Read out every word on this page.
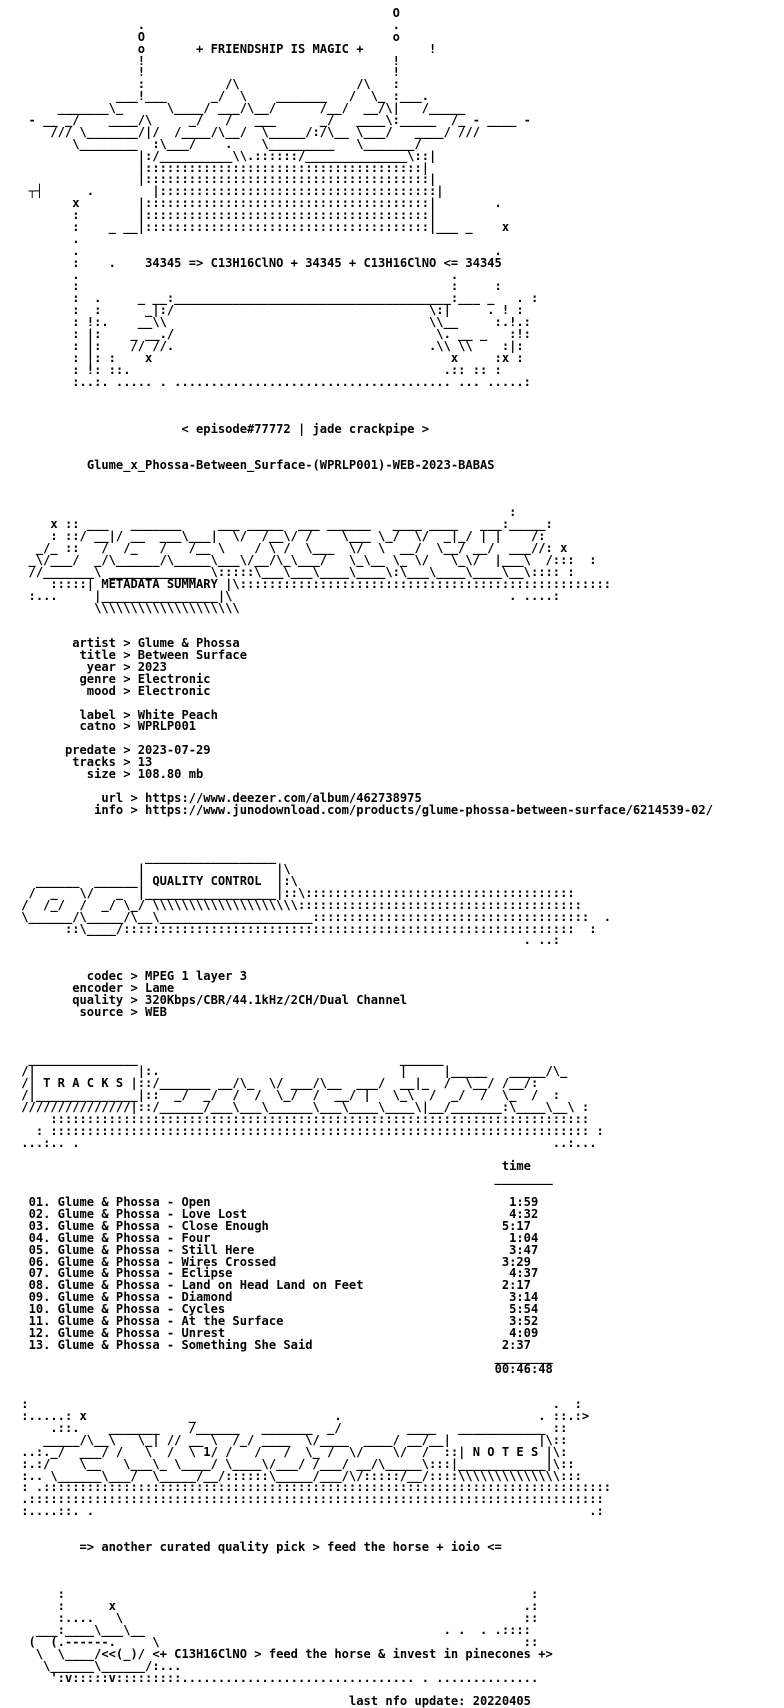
O
.                                  .
O                                  o
o       + FRIENDSHIP IS MAGIC +         !
!                                  !
!                                  !
:           /\                /\   :
___!___      _/  \    _______   /  \_ :___.
_______\_      \____/ ___/\__/      /__/  __/\|   /_____
- __ _/    ____/\     _/   /   ___      _/   ____\:_____  /_ - ____ -
/// \_______/|/  /____/\__/  \_____/:/\__ \___/   ____/ ///
\________  :\___/    .    \_________   \_______/
|:/__________\\.::::::/______________\::|
|::::::::::::::::::::::::::::::::::::::|
|:::::::::::::::::::::::::::::::::::::::|
┬┤      .        |::::::::::::::::::::::::::::::::::::::|
x        |:::::::::::::::::::::::::::::::::::::::|        .
:        |:::::::::::::::::::::::::::::::::::::::|
:    _ __|:::::::::::::::::::::::::::::::::::::::|___ _    x
.
.                                                         .
:    .    34345 => C13H16ClNO + 34345 + C13H16ClNO <= 34345
.                                                   .
:                                                   :     :
:  .     _ __:______________________________________:___ _   . :
:  :      _|:/                                   \:|     . ! :
: !:.    __\\                                    \\__     :.!.:
: |:    _ __./                                    \. __ _   :!:
: |:    // //.                                   .\\ \\    :|:
: |: :    x                                         x     :x :
: !: ::.                                           .:: :: :
:..:. ..... . ...................................... ... .....:

< episode#77772 | jade crackpipe >

Glume_x_Phossa-Between_Surface-(WPRLP001)-WEB-2023-BABAS

:
x :: ___   _______     ___ _____  ___ ______   ____ ____   ___:_____:
: ::/ __|/ __  ___\___|  \/  /__\/ /    \___ \_/  \/  _|_/ | |    /:
_/_ ::   /  /_   /   /__ \    / \ /  \___  \/  \  __/  \__/ __/  ___//: x
_\/___/  _/\______/\_____\___\/__/\_\___/   \_\__ \_ \/   \_\/  |___\  /:::  :
//_______\ ____________  \:::::\___\___\____\____\:\___\____\____\__\:::: :
:::::| METADATA SUMMARY |\:::::::::::::::::::::::::::::::::::::::::::::::::::
:...     |________________|\                                      . ....:
\\\\\\\\\\\\\\\\\\\\

artist > Glume & Phossa
title > Between Surface
year > 2023
genre > Electronic
mood > Electronic

label > White Peach
catno > WPRLP001

predate > 2023-07-29
tracks > 13
size > 108.80 mb

url > https://www.deezer.com/album/462738975
info > https://www.junodownload.com/products/glume-phossa-between-surface/6214539-02/

__________________
|                  |\
______  ______| QUALITY CONTROL  |:\
/  _   \/   _  |__________________|::\:::::::::::::::::::::::::::::::::::::
/  /_/  /  _/ \_/ \\\\\\\\\\\\\\\\\\\\:::::::::::::::::::::::::::::::::::::::
\______/\_____/\__\_____________________::::::::::::::::::::::::::::::::::::::  .
::\____/::::::::::::::::::::::::::::::::::::::::::::::::::::::::::::::  :
. ..:

codec > MPEG 1 layer 3
encoder > Lame
quality > 320Kbps/CBR/44.1kHz/2CH/Dual Channel
source > WEB

_______________                                    ______
/|              |:.                                 |     |_____   _____/\_
/| T R A C K S |::/_______ __/\_  \/ ___/\__  ___/  __|_  /  \__/ /__/:
/|______________|::  _/  _/  /  /  \_/  /  __/ |   \_\  /  _/  /  \_  /  :
///////////////|::/______/___\___\______\___\____\____\|__/_______:\____\__\ :
::::::::::::::::::::::::::::::::::::::::::::::::::::::::::::::::::::::::::
: :::::::::::::::::::::::::::::::::::::::::::::::::::::::::::::::::::::::::: :
...:.. .                                                                 ..:...

time
________

01. Glume & Phossa - Open	1:59
02. Glume & Phossa - Love Lost	4:32
03. Glume & Phossa - Close Enough	5:17
04. Glume & Phossa - Four	1:04
05. Glume & Phossa - Still Here	3:47
06. Glume & Phossa - Wires Crossed	3:29
07. Glume & Phossa - Eclipse	4:37
08. Glume & Phossa - Land on Head Land on Feet	2:17
09. Glume & Phossa - Diamond	3:14
10. Glume & Phossa - Cycles	5:54
11. Glume & Phossa - At the Surface	3:52
12. Glume & Phossa - Unrest	4:09
13. Glume & Phossa - Something She Said	2:37
________
00:46:48

:                                                                        .  :
:.....: x              _                   .                           . ::.:>
.::.    _______    /______   _______  _/         ____   ____________ ::
_____/\__\   \_| // __ \  /_/ ____  \/____  ____/ __/__|            |\::
..:._/  ___/ /   \  /  \ 1/ /   /   /  \_ /  \/    \/  /  ::| N O T E S |\:
:.:/    \__   \___\_ \____/ \____\/___/ /___/ __/\_____\:::|____________|\::
:.. \______\___/  \_____/__/::::::\_____/___/\/:::::/__/::::\\\\\\\\\\\\\\:::
: .::::::::::::::::::::::::::::::::::::::::::::::::::::::::::::::::::::::::::::::
.:::::::::::::::::::::::::::::::::::::::::::::::::::::::::::::::::::::::::::::::
:....::. .                                                                    .:

=> another curated quality pick > feed the horse + ioio <=

:                                                                :
:      x                                                        .:
:....   \                                                       ::
___:____\___\__                                         . .  . .::::
(  (.------.     \                                                  ::
\  \____/<<(_)/ <+ C13H16ClNO > feed the horse & invest in pinecones +>
\______\______/:...
':v:::::v:::::::::................................ . ..............

last nfo update: 20220405
